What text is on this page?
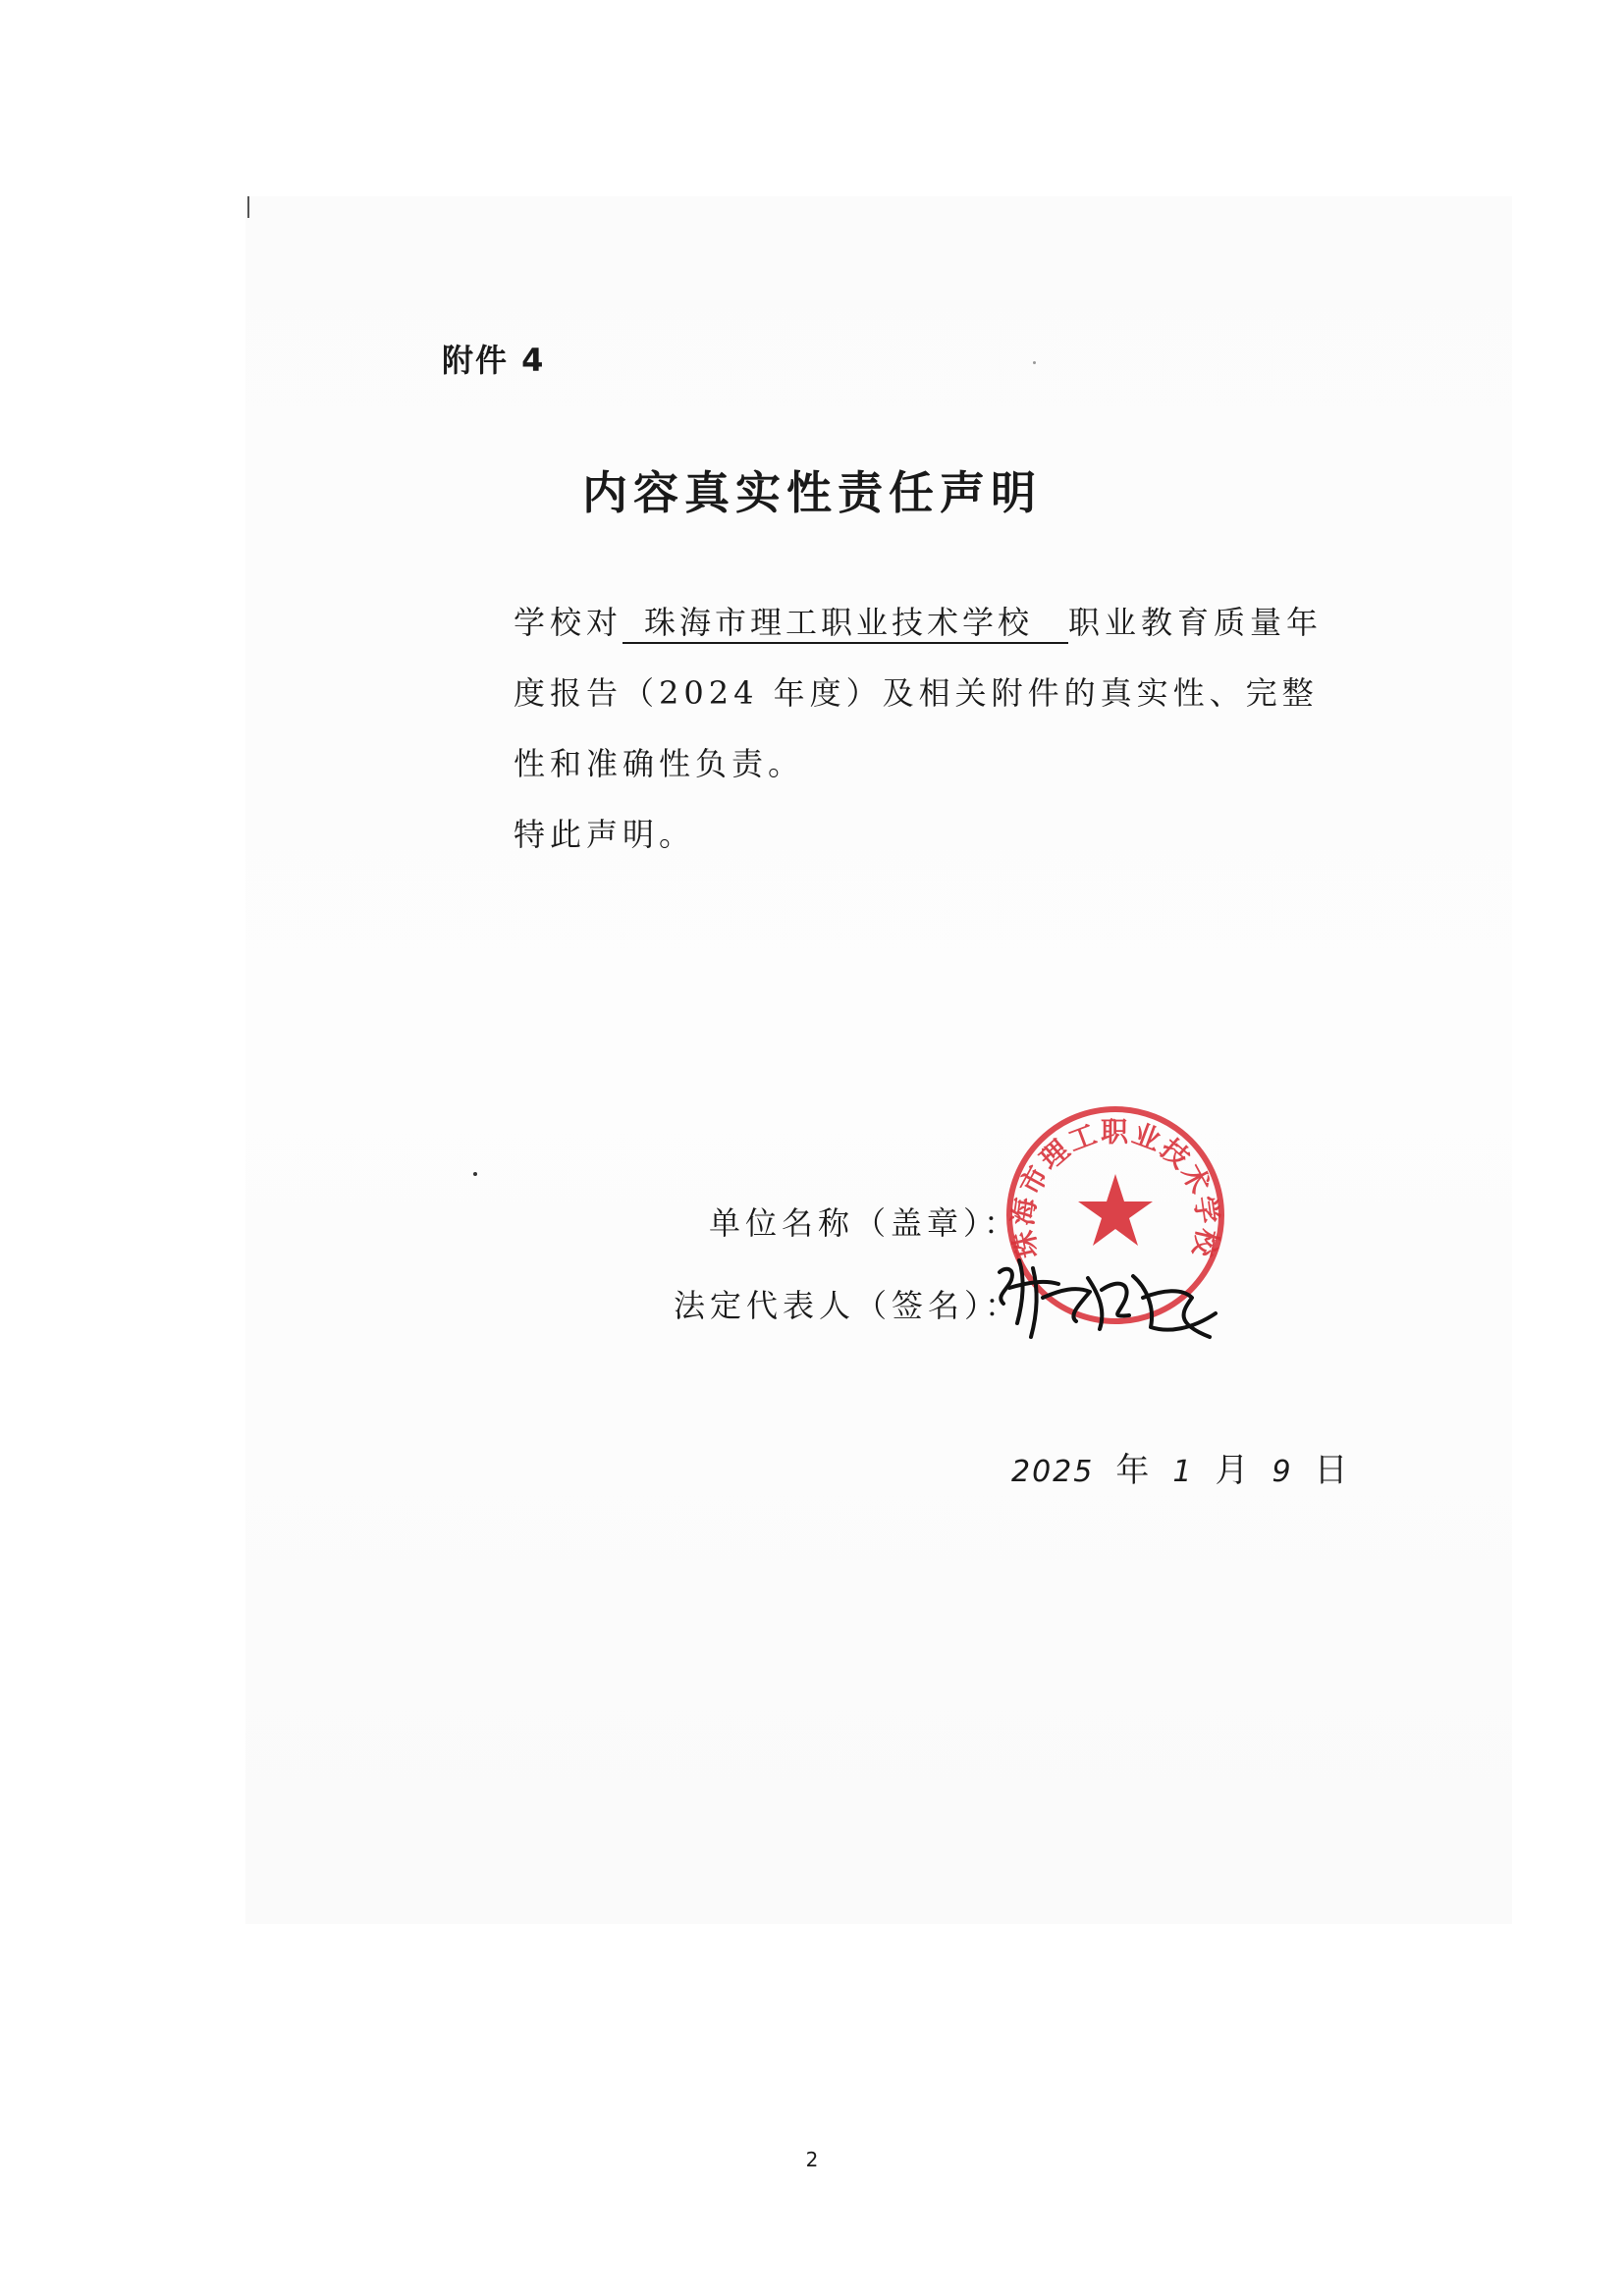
附件 4
内容真实性责任声明

学校对 珠海市理工职业技术学校 职业教育质量年度报告（2024 年度）及相关附件的真实性、完整性和准确性负责。

特此声明。

单位名称（盖章）：
法定代表人（签名）：
珠海市理工职业技术学校
2025 年 1 月 9 日
2
